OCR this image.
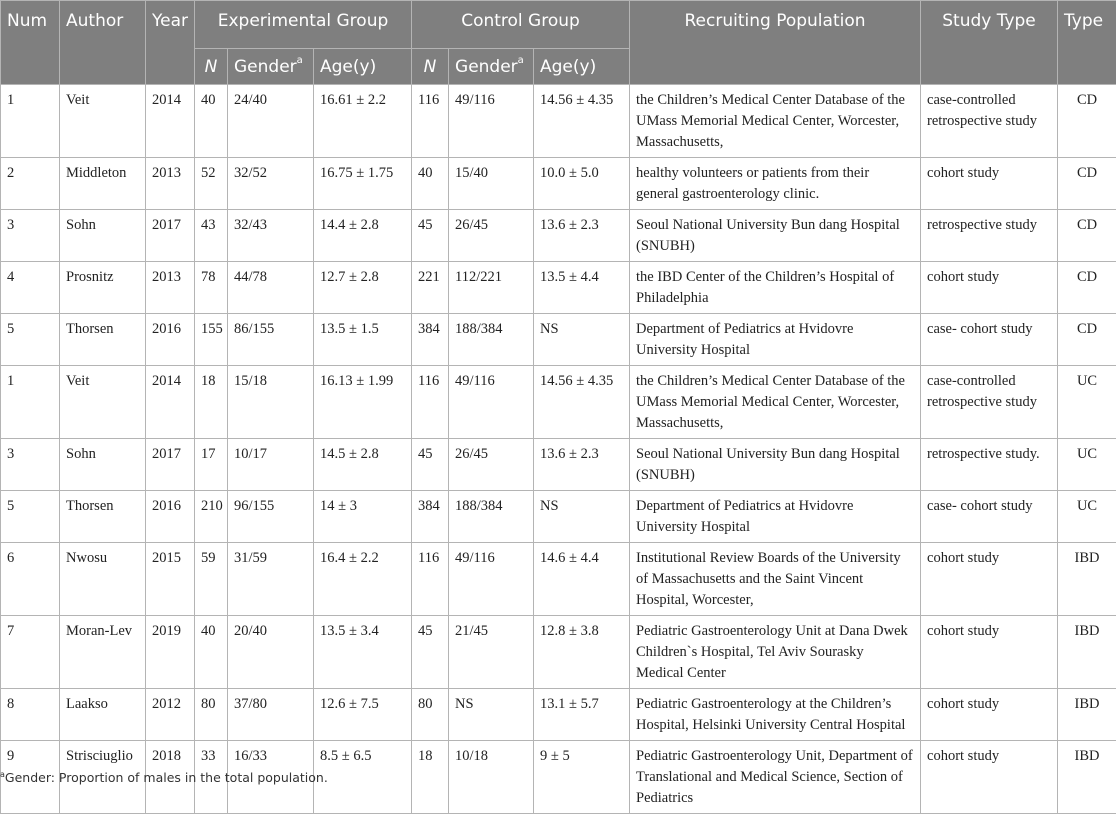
Num	Author	Year	Experimental Group			Control Group			Recruiting Population	Study Type	Type
			N	Gender$^a$	Age(y)	N	Gender$^a$	Age(y)			
1	Veit	2014	40	24/40	16.61 ± 2.2	116	49/116	14.56 ± 4.35	the Children’s Medical Center Database of the UMass Memorial Medical Center, Worcester, Massachusetts,	case-controlled retrospective study	CD
2	Middleton	2013	52	32/52	16.75 ± 1.75	40	15/40	10.0 ± 5.0	healthy volunteers or patients from their general gastroenterology clinic.	cohort study	CD
3	Sohn	2017	43	32/43	14.4 ± 2.8	45	26/45	13.6 ± 2.3	Seoul National University Bun dang Hospital (SNUBH)	retrospective study	CD
4	Prosnitz	2013	78	44/78	12.7 ± 2.8	221	112/221	13.5 ± 4.4	the IBD Center of the Children’s Hospital of Philadelphia	cohort study	CD
5	Thorsen	2016	155	86/155	13.5 ± 1.5	384	188/384	NS	Department of Pediatrics at Hvidovre University Hospital	case- cohort study	CD
1	Veit	2014	18	15/18	16.13 ± 1.99	116	49/116	14.56 ± 4.35	the Children’s Medical Center Database of the UMass Memorial Medical Center, Worcester, Massachusetts,	case-controlled retrospective study	UC
3	Sohn	2017	17	10/17	14.5 ± 2.8	45	26/45	13.6 ± 2.3	Seoul National University Bun dang Hospital (SNUBH)	retrospective study.	UC
5	Thorsen	2016	210	96/155	14 ± 3	384	188/384	NS	Department of Pediatrics at Hvidovre University Hospital	case- cohort study	UC
6	Nwosu	2015	59	31/59	16.4 ± 2.2	116	49/116	14.6 ± 4.4	Institutional Review Boards of the University of Massachusetts and the Saint Vincent Hospital, Worcester,	cohort study	IBD
7	Moran-Lev	2019	40	20/40	13.5 ± 3.4	45	21/45	12.8 ± 3.8	Pediatric Gastroenterology Unit at Dana Dwek Children`s Hospital, Tel Aviv Sourasky Medical Center	cohort study	IBD
8	Laakso	2012	80	37/80	12.6 ± 7.5	80	NS	13.1 ± 5.7	Pediatric Gastroenterology at the Children’s Hospital, Helsinki University Central Hospital	cohort study	IBD
9	Strisciuglio	2018	33	16/33	8.5 ± 6.5	18	10/18	9 ± 5	Pediatric Gastroenterology Unit, Department of Translational and Medical Science, Section of Pediatrics	cohort study	IBD
$^a$Gender: Proportion of males in the total population.
